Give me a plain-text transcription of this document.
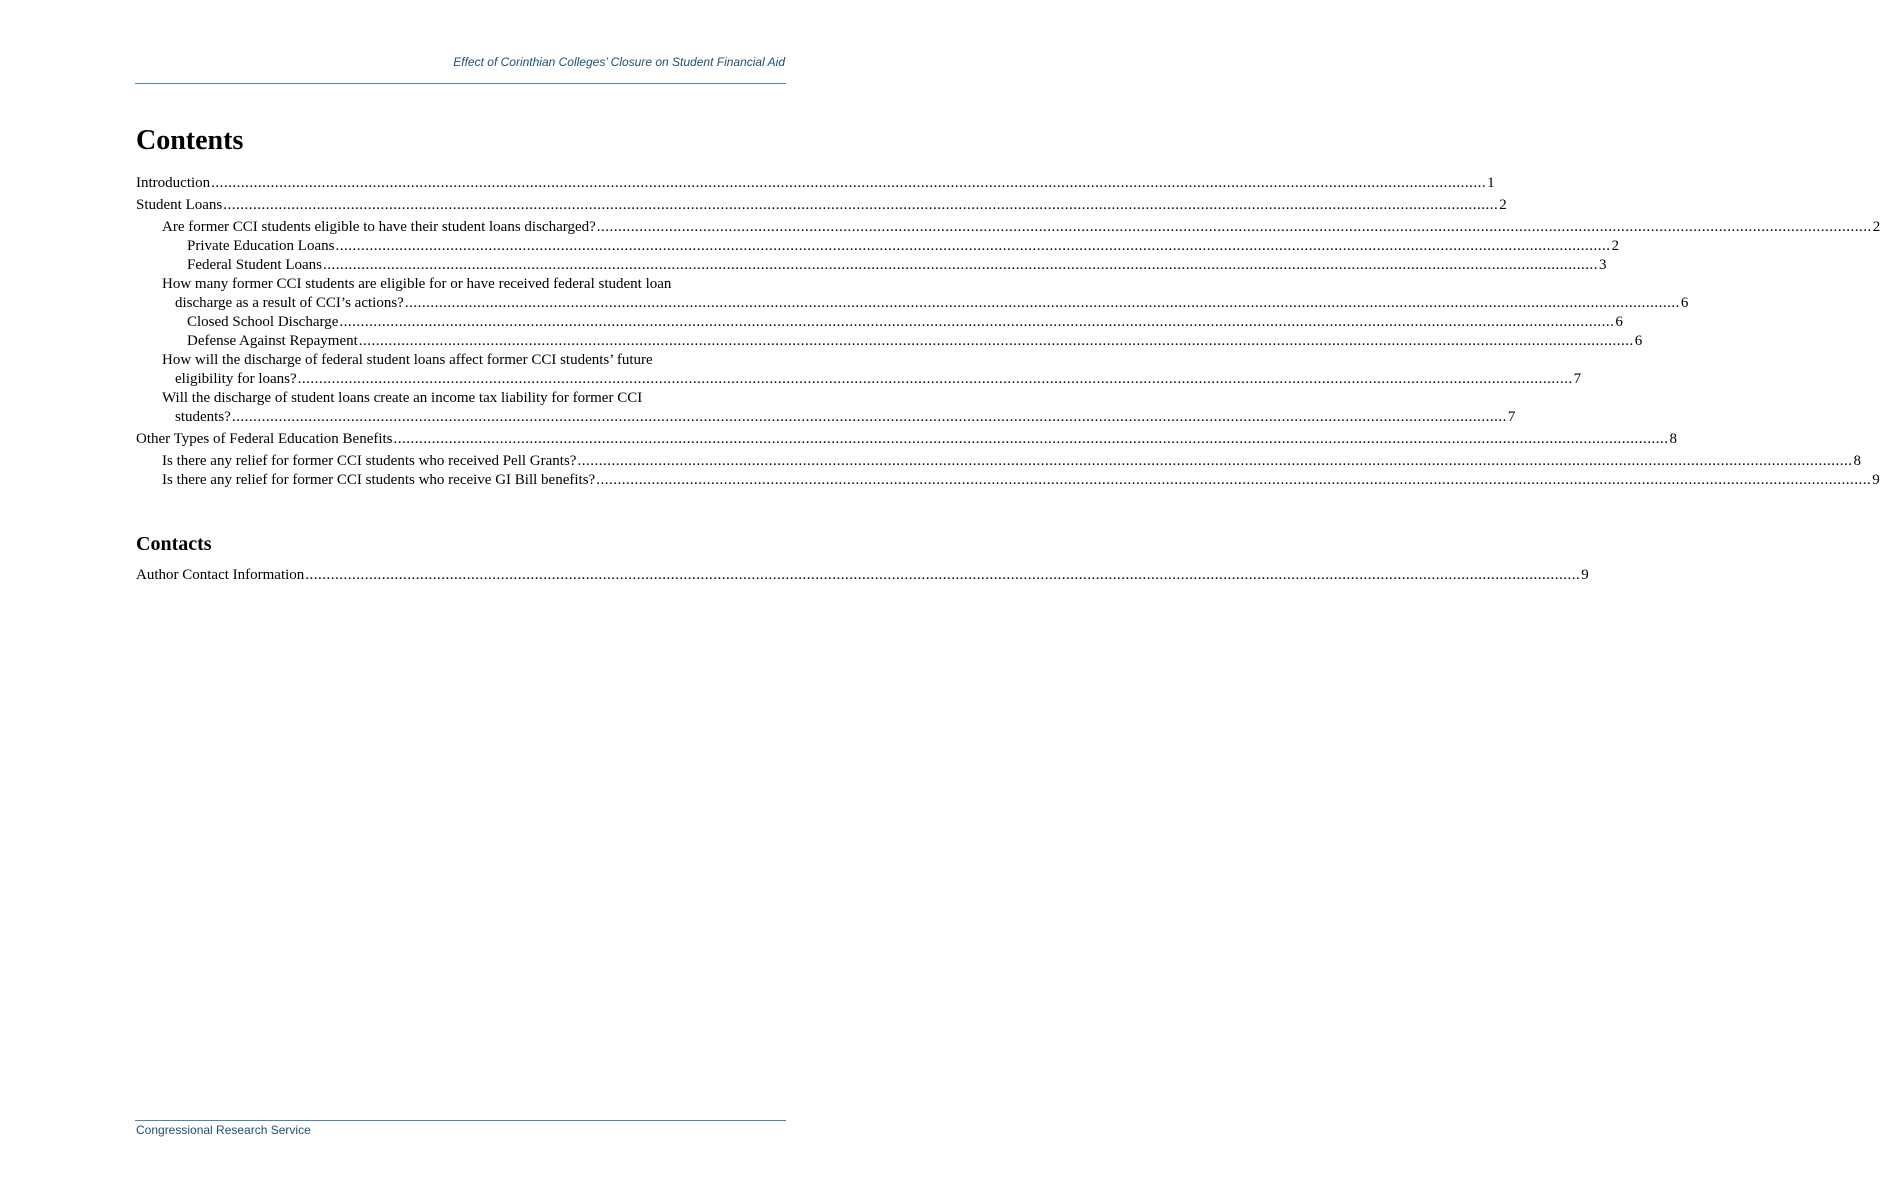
Effect of Corinthian Colleges’ Closure on Student Financial Aid
Contents
Introduction ............................................................................................................................................................................................................................................................................................................ 1
Student Loans ............................................................................................................................................................................................................................................................................................................ 2
Are former CCI students eligible to have their student loans discharged? ............................................................................................................................................................................................................................................................................................................ 2
Private Education Loans ............................................................................................................................................................................................................................................................................................................ 2
Federal Student Loans ............................................................................................................................................................................................................................................................................................................ 3
How many former CCI students are eligible for or have received federal student loan
discharge as a result of CCI’s actions? ............................................................................................................................................................................................................................................................................................................ 6
Closed School Discharge ............................................................................................................................................................................................................................................................................................................ 6
Defense Against Repayment ............................................................................................................................................................................................................................................................................................................ 6
How will the discharge of federal student loans affect former CCI students’ future
eligibility for loans? ............................................................................................................................................................................................................................................................................................................ 7
Will the discharge of student loans create an income tax liability for former CCI
students? ............................................................................................................................................................................................................................................................................................................ 7
Other Types of Federal Education Benefits ............................................................................................................................................................................................................................................................................................................ 8
Is there any relief for former CCI students who received Pell Grants? ............................................................................................................................................................................................................................................................................................................ 8
Is there any relief for former CCI students who receive GI Bill benefits? ............................................................................................................................................................................................................................................................................................................ 9
Contacts
Author Contact Information ............................................................................................................................................................................................................................................................................................................ 9
Congressional Research Service
